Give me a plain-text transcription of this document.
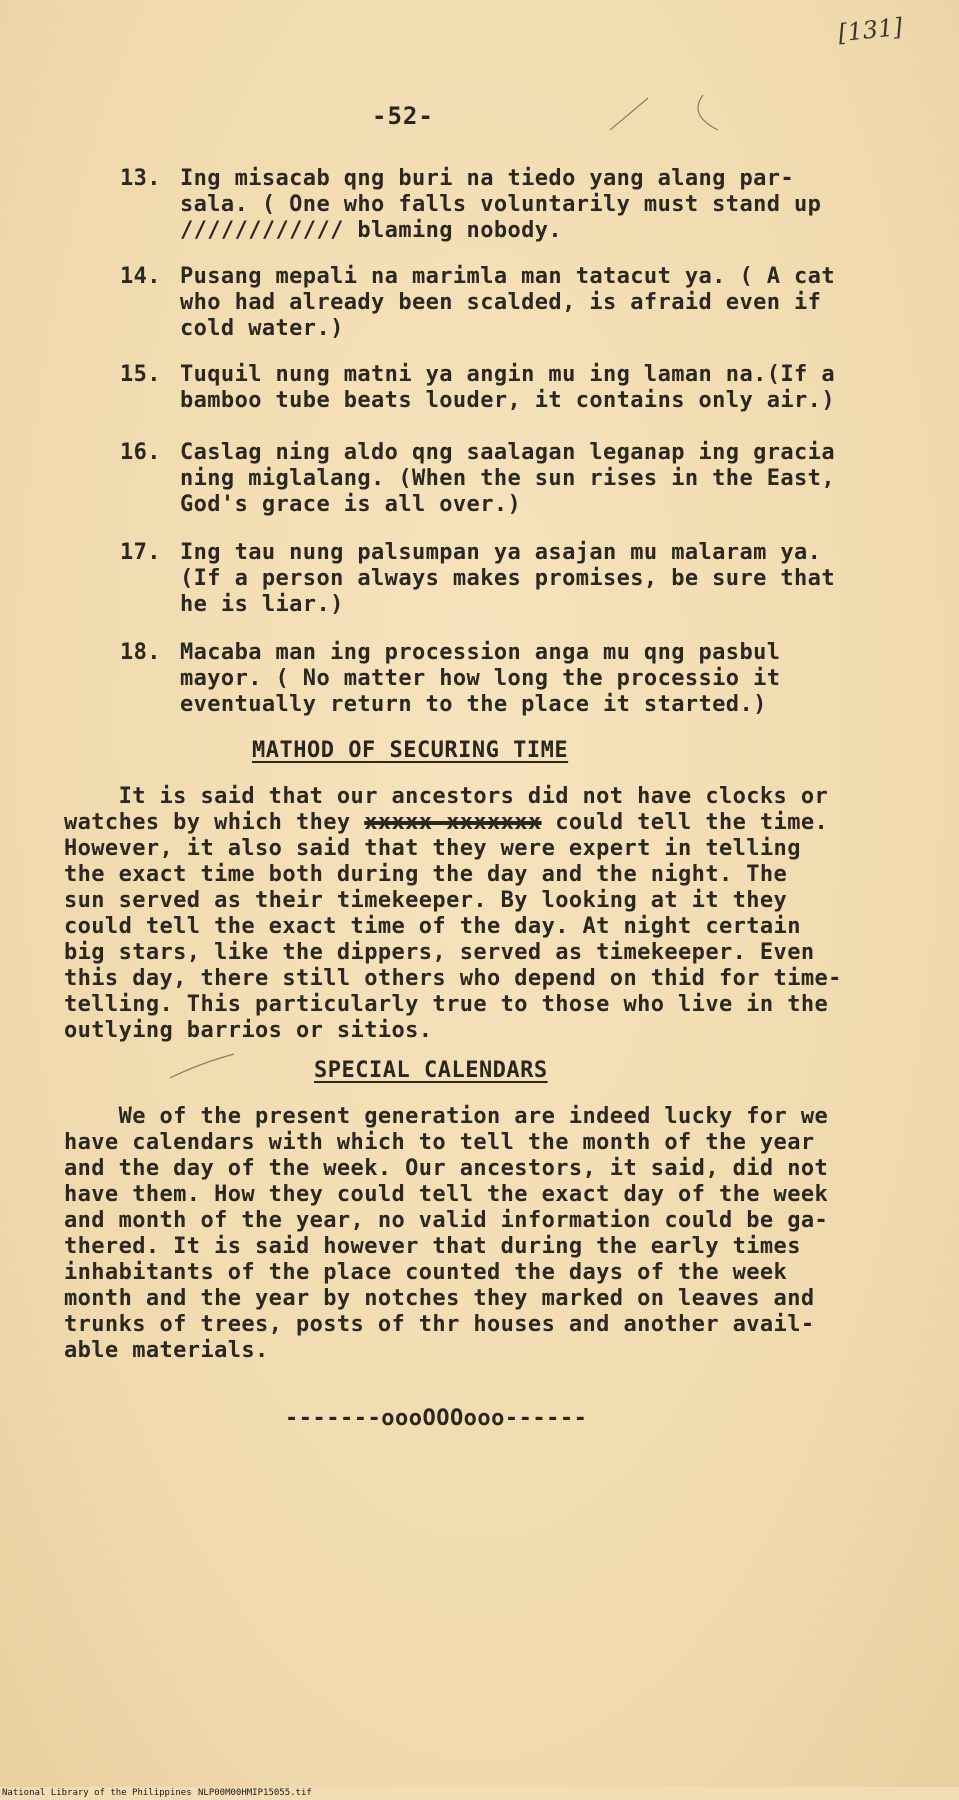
[131]
-52-
13. Ing misacab qng buri na tiedo yang alang par-
sala. ( One who falls voluntarily must stand up
//////////// blaming nobody.
14. Pusang mepali na marimla man tatacut ya. ( A cat
who had already been scalded, is afraid even if
cold water.)
15. Tuquil nung matni ya angin mu ing laman na.(If a
bamboo tube beats louder, it contains only air.)
16. Caslag ning aldo qng saalagan leganap ing gracia
ning miglalang. (When the sun rises in the East,
God's grace is all over.)
17. Ing tau nung palsumpan ya asajan mu malaram ya.
(If a person always makes promises, be sure that
he is liar.)
18. Macaba man ing procession anga mu qng pasbul
mayor. ( No matter how long the processio it
eventually return to the place it started.)
MATHOD OF SECURING TIME
It is said that our ancestors did not have clocks or
watches by which they xxxxx xxxxxxx could tell the time.
However, it also said that they were expert in telling
the exact time both during the day and the night. The
sun served as their timekeeper. By looking at it they
could tell the exact time of the day. At night certain
big stars, like the dippers, served as timekeeper. Even
this day, there still others who depend on thid for time-
telling. This particularly true to those who live in the
outlying barrios or sitios.
SPECIAL CALENDARS
We of the present generation are indeed lucky for we
have calendars with which to tell the month of the year
and the day of the week. Our ancestors, it said, did not
have them. How they could tell the exact day of the week
and month of the year, no valid information could be ga-
thered. It is said however that during the early times
inhabitants of the place counted the days of the week
month and the year by notches they marked on leaves and
trunks of trees, posts of thr houses and another avail-
able materials.
-------oooOOOooo------
National Library of the Philippines NLP00M00HMIP15055.tif
